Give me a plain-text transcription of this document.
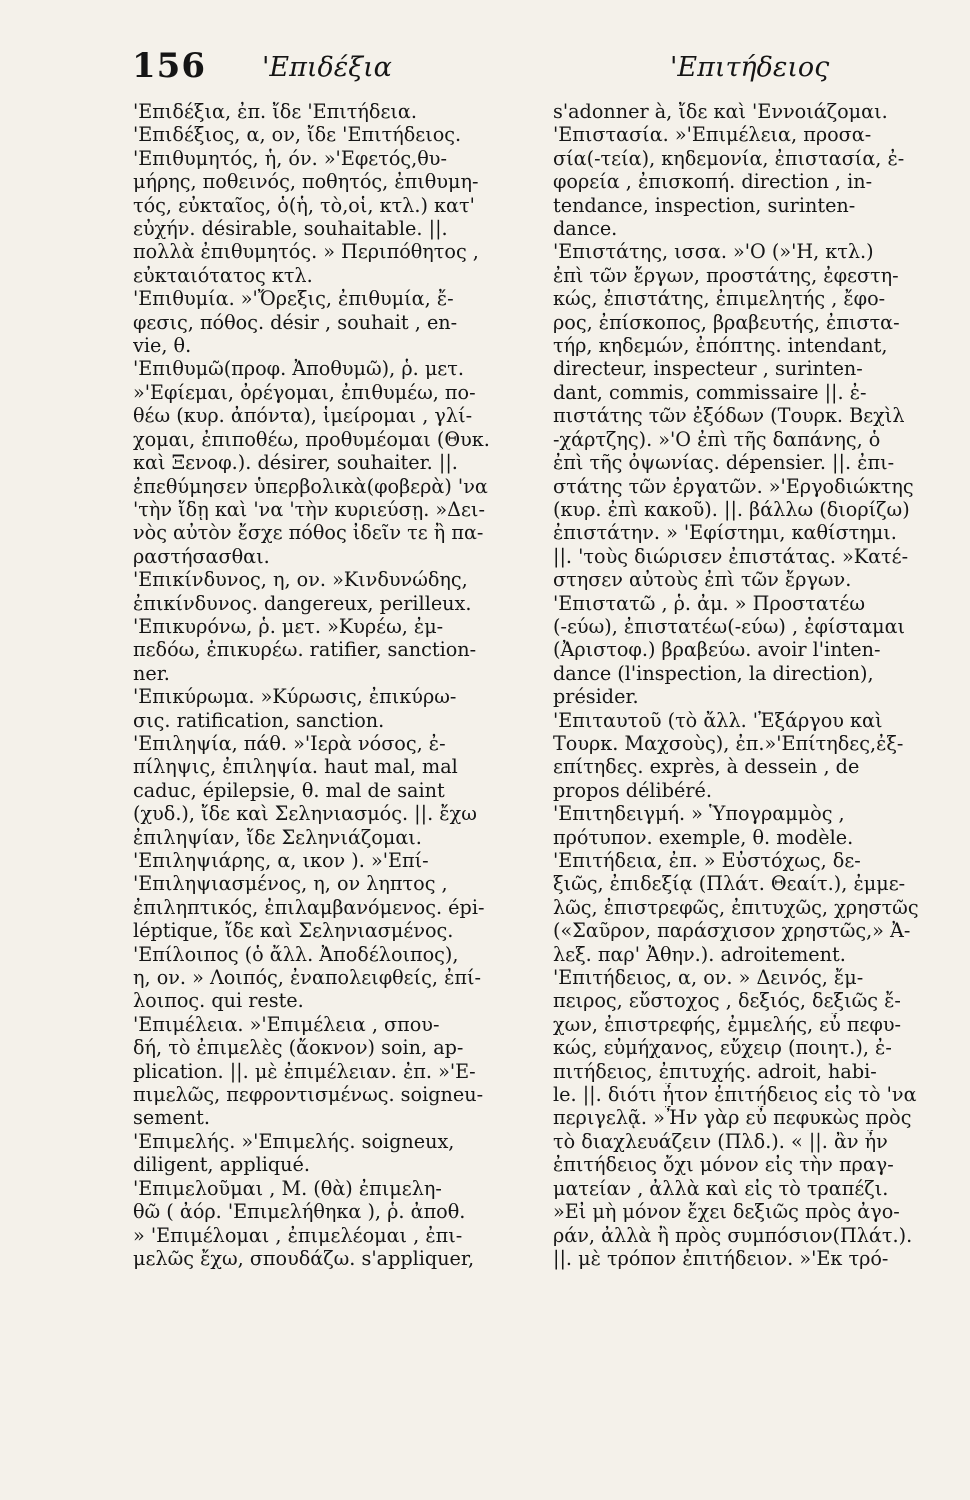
156 'Επιδέξια	'Επιτήδειος

'Επιδέξια, ἐπ. ἴδε 'Επιτήδεια.

'Επιδέξιος, α, ον, ἴδε 'Επιτήδειος.

'Επιθυμητός, ἡ, όν. »'Εφετός,θυ-

μήρης, ποθεινός, ποθητός, ἐπιθυμη-

τός, εὐκταῖος, ὁ(ἡ, τὸ,οἱ, κτλ.) κατ'

εὐχήν. désirable, souhaitable. ||.

πολλὰ ἐπιθυμητός. » Περιπόθητος ,

εὐκταιότατος κτλ.

'Επιθυμία. »'Ὄρεξις, ἐπιθυμία, ἔ-

φεσις, πόθος. désir , souhait , en-

vie, θ.

'Επιθυμῶ(προφ. Ἀποθυμῶ), ῥ. μετ.

»'Εφίεμαι, ὀρέγομαι, ἐπιθυμέω, πο-

θέω (κυρ. ἀπόντα), ἱμείρομαι , γλί-

χομαι, ἐπιποθέω, προθυμέομαι (Θυκ.

καὶ Ξενοφ.). désirer, souhaiter. ||.

ἐπεθύμησεν ὑπερβολικὰ(φοβερὰ) 'να

'τὴν ἴδῃ καὶ 'να 'τὴν κυριεύσῃ. »Δει-

νὸς αὐτὸν ἔσχε πόθος ἰδεῖν τε ἢ πα-

ραστήσασθαι.

'Επικίνδυνος, η, ον. »Κινδυνώδης,

ἐπικίνδυνος. dangereux, perilleux.

'Επικυρόνω, ῥ. μετ. »Κυρέω, ἐμ-

πεδόω, ἐπικυρέω. ratifier, sanction-

ner.

'Επικύρωμα. »Κύρωσις, ἐπικύρω-

σις. ratification, sanction.

'Επιληψία, πάθ. »'Ιερὰ νόσος, ἐ-

πίληψις, ἐπιληψία. haut mal, mal

caduc, épilepsie, θ. mal de saint

(χυδ.), ἴδε καὶ Σεληνιασμός. ||. ἔχω

ἐπιληψίαν, ἴδε Σεληνιάζομαι.

'Επιληψιάρης, α, ικον ). »'Επί-

'Επιληψιασμένος, η, ον ληπτος ,

ἐπιληπτικός, ἐπιλαμβανόμενος. épi-

léptique, ἴδε καὶ Σεληνιασμένος.

'Επίλοιπος (ὁ ἄλλ. Ἀποδέλοιπος),

η, ον. » Λοιπός, ἐναπολειφθείς, ἐπί-

λοιπος. qui reste.

'Επιμέλεια. »'Επιμέλεια , σπου-

δή, τὸ ἐπιμελὲς (ἄοκνον) soin, ap-

plication. ||. μὲ ἐπιμέλειαν. ἐπ. »'Ε-

πιμελῶς, πεφροντισμένως. soigneu-

sement.

'Επιμελής. »'Επιμελής. soigneux,

diligent, appliqué.

'Επιμελοῦμαι , Μ. (θὰ) ἐπιμελη-

θῶ ( ἀόρ. 'Επιμελήθηκα ), ῥ. ἀποθ.

» 'Επιμέλομαι , ἐπιμελέομαι , ἐπι-

μελῶς ἔχω, σπουδάζω. s'appliquer,

s'adonner à, ἴδε καὶ 'Εννοιάζομαι.

'Επιστασία. »'Επιμέλεια, προσα-

σία(-τεία), κηδεμονία, ἐπιστασία, ἐ-

φορεία , ἐπισκοπή. direction , in-

tendance, inspection, surinten-

dance.

'Επιστάτης, ισσα. »'Ο (»'Η, κτλ.)

ἐπὶ τῶν ἔργων, προστάτης, ἐφεστη-

κώς, ἐπιστάτης, ἐπιμελητής , ἔφο-

ρος, ἐπίσκοπος, βραβευτής, ἐπιστα-

τήρ, κηδεμών, ἐπόπτης. intendant,

directeur, inspecteur , surinten-

dant, commis, commissaire ||. ἐ-

πιστάτης τῶν ἐξόδων (Τουρκ. Βεχὶλ

-χάρτζης). »'Ο ἐπὶ τῆς δαπάνης, ὁ

ἐπὶ τῆς ὀψωνίας. dépensier. ||. ἐπι-

στάτης τῶν ἐργατῶν. »'Εργοδιώκτης

(κυρ. ἐπὶ κακοῦ). ||. βάλλω (διορίζω)

ἐπιστάτην. » 'Εφίστημι, καθίστημι.

||. 'τοὺς διώρισεν ἐπιστάτας. »Κατέ-

στησεν αὐτοὺς ἐπὶ τῶν ἔργων.

'Επιστατῶ , ῥ. ἀμ. » Προστατέω

(-εύω), ἐπιστατέω(-εύω) , ἐφίσταμαι

(Ἀριστοφ.) βραβεύω. avoir l'inten-

dance (l'inspection, la direction),

présider.

'Επιταυτοῦ (τὸ ἄλλ. 'Ἐξάργου καὶ

Τουρκ. Μαχσοὺς), ἐπ.»'Επίτηδες,ἐξ-

επίτηδες. exprès, à dessein , de

propos délibéré.

'Επιτηδειγμή. » Ὑπογραμμὸς ,

πρότυπον. exemple, θ. modèle.

'Επιτήδεια, ἐπ. » Εὐστόχως, δε-

ξιῶς, ἐπιδεξίᾳ (Πλάτ. Θεαίτ.), ἐμμε-

λῶς, ἐπιστρεφῶς, ἐπιτυχῶς, χρηστῶς

(«Σαῦρον, παράσχισον χρηστῶς,» Ἀ-

λεξ. παρ' Ἀθην.). adroitement.

'Επιτήδειος, α, ον. » Δεινός, ἔμ-

πειρος, εὔστοχος , δεξιός, δεξιῶς ἔ-

χων, ἐπιστρεφής, ἐμμελής, εὖ πεφυ-

κώς, εὐμήχανος, εὔχειρ (ποιητ.), ἐ-

πιτήδειος, ἐπιτυχής. adroit, habi-

le. ||. διότι ἦτον ἐπιτήδειος εἰς τὸ 'να

περιγελᾷ. »Ἦν γὰρ εὖ πεφυκὼς πρὸς

τὸ διαχλευάζειν (Πλδ.). « ||. ἂν ἦν

ἐπιτήδειος ὄχι μόνον εἰς τὴν πραγ-

ματείαν , ἀλλὰ καὶ εἰς τὸ τραπέζι.

»Εἰ μὴ μόνον ἔχει δεξιῶς πρὸς ἀγο-

ράν, ἀλλὰ ἢ πρὸς συμπόσιον(Πλάτ.).

||. μὲ τρόπον ἐπιτήδειον. »'Εκ τρό-
